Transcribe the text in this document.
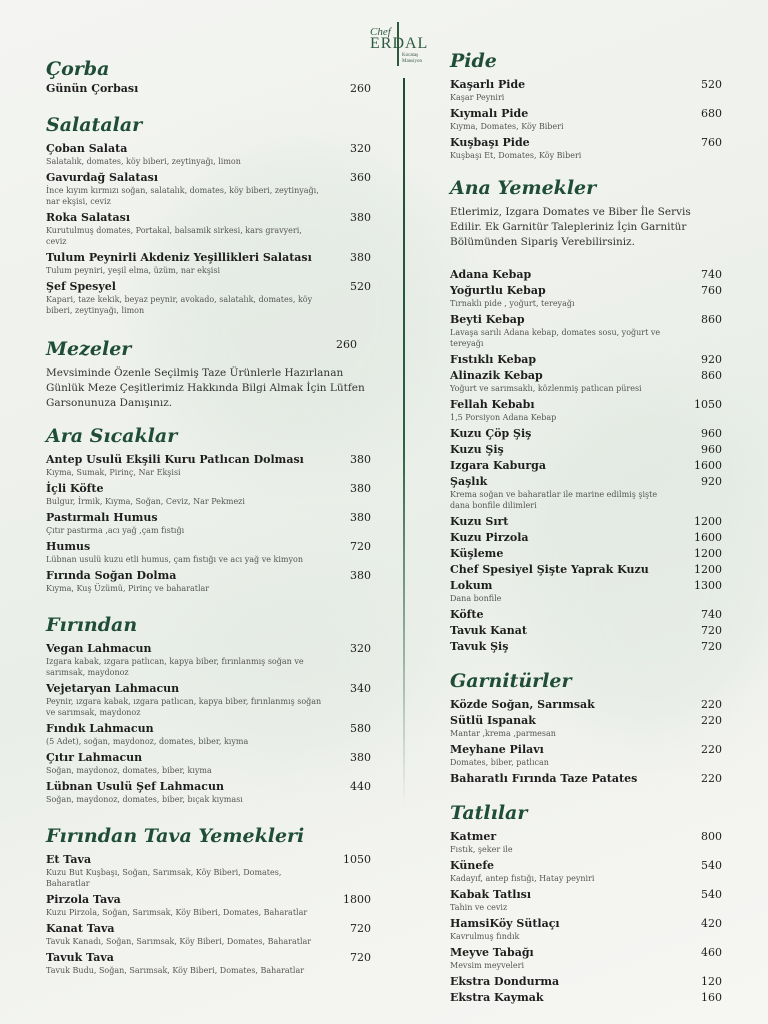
Chef
ERDAL
Kocataş
Mansiyon
Çorba
Günün Çorbası	260
Salatalar
Çoban Salata	320
Salatalık, domates, köy biberi, zeytinyağı, limon
Gavurdağ Salatası	360
İnce kıyım kırmızı soğan, salatalık, domates, köy biberi, zeytinyağı, nar ekşisi, ceviz
Roka Salatası	380
Kurutulmuş domates, Portakal, balsamik sirkesi, kars gravyeri, ceviz
Tulum Peynirli Akdeniz Yeşillikleri Salatası	380
Tulum peyniri, yeşil elma, üzüm, nar ekşisi
Şef Spesyel	520
Kapari, taze kekik, beyaz peynir, avokado, salatalık, domates, köy biberi, zeytinyağı, limon
Mezeler	260
Mevsiminde Özenle Seçilmiş Taze Ürünlerle Hazırlanan Günlük Meze Çeşitlerimiz Hakkında Bilgi Almak İçin Lütfen Garsonunuza Danışınız.
Ara Sıcaklar
Antep Usulü Ekşili Kuru Patlıcan Dolması	380
Kıyma, Sumak, Pirinç, Nar Ekşisi
İçli Köfte	380
Bulgur, İrmik, Kıyma, Soğan, Ceviz, Nar Pekmezi
Pastırmalı Humus	380
Çıtır pastırma ,acı yağ ,çam fıstığı
Humus	720
Lübnan usulü kuzu etli humus, çam fıstığı ve acı yağ ve kimyon
Fırında Soğan Dolma	380
Kıyma, Kuş Üzümü, Pirinç ve baharatlar
Fırından
Vegan Lahmacun	320
Izgara kabak, ızgara patlıcan, kapya biber, fırınlanmış soğan ve sarımsak, maydonoz
Vejetaryan Lahmacun	340
Peynir, ızgara kabak, ızgara patlıcan, kapya biber, fırınlanmış soğan ve sarımsak, maydonoz
Fındık Lahmacun	580
(5 Adet), soğan, maydonoz, domates, biber, kıyma
Çıtır Lahmacun	380
Soğan, maydonoz, domates, biber, kıyma
Lübnan Usulü Şef Lahmacun	440
Soğan, maydonoz, domates, biber, bıçak kıyması
Fırından Tava Yemekleri
Et Tava	1050
Kuzu But Kuşbaşı, Soğan, Sarımsak, Köy Biberi, Domates, Baharatlar
Pirzola Tava	1800
Kuzu Pirzola, Soğan, Sarımsak, Köy Biberi, Domates, Baharatlar
Kanat Tava	720
Tavuk Kanadı, Soğan, Sarımsak, Köy Biberi, Domates, Baharatlar
Tavuk Tava	720
Tavuk Budu, Soğan, Sarımsak, Köy Biberi, Domates, Baharatlar
Pide
Kaşarlı Pide	520
Kaşar Peyniri
Kıymalı Pide	680
Kıyma, Domates, Köy Biberi
Kuşbaşı Pide	760
Kuşbaşı Et, Domates, Köy Biberi
Ana Yemekler
Etlerimiz, Izgara Domates ve Biber İle Servis Edilir. Ek Garnitür Talepleriniz İçin Garnitür Bölümünden Sipariş Verebilirsiniz.
Adana Kebap	740
Yoğurtlu Kebap	760
Tırnaklı pide , yoğurt, tereyağı
Beyti Kebap	860
Lavaşa sarılı Adana kebap, domates sosu, yoğurt ve tereyağı
Fıstıklı Kebap	920
Alinazik Kebap	860
Yoğurt ve sarımsaklı, közlenmiş patlıcan püresi
Fellah Kebabı	1050
1,5 Porsiyon Adana Kebap
Kuzu Çöp Şiş	960
Kuzu Şiş	960
Izgara Kaburga	1600
Şaşlık	920
Krema soğan ve baharatlar ile marine edilmiş şişte dana bonfile dilimleri
Kuzu Sırt	1200
Kuzu Pirzola	1600
Küşleme	1200
Chef Spesiyel Şişte Yaprak Kuzu	1200
Lokum	1300
Dana bonfile
Köfte	740
Tavuk Kanat	720
Tavuk Şiş	720
Garnitürler
Közde Soğan, Sarımsak	220
Sütlü Ispanak	220
Mantar ,krema ,parmesan
Meyhane Pilavı	220
Domates, biber, patlıcan
Baharatlı Fırında Taze Patates	220
Tatlılar
Katmer	800
Fıstık, şeker ile
Künefe	540
Kadayıf, antep fıstığı, Hatay peyniri
Kabak Tatlısı	540
Tahin ve ceviz
HamsiKöy Sütlaçı	420
Kavrulmuş fındık
Meyve Tabağı	460
Mevsim meyveleri
Ekstra Dondurma	120
Ekstra Kaymak	160
